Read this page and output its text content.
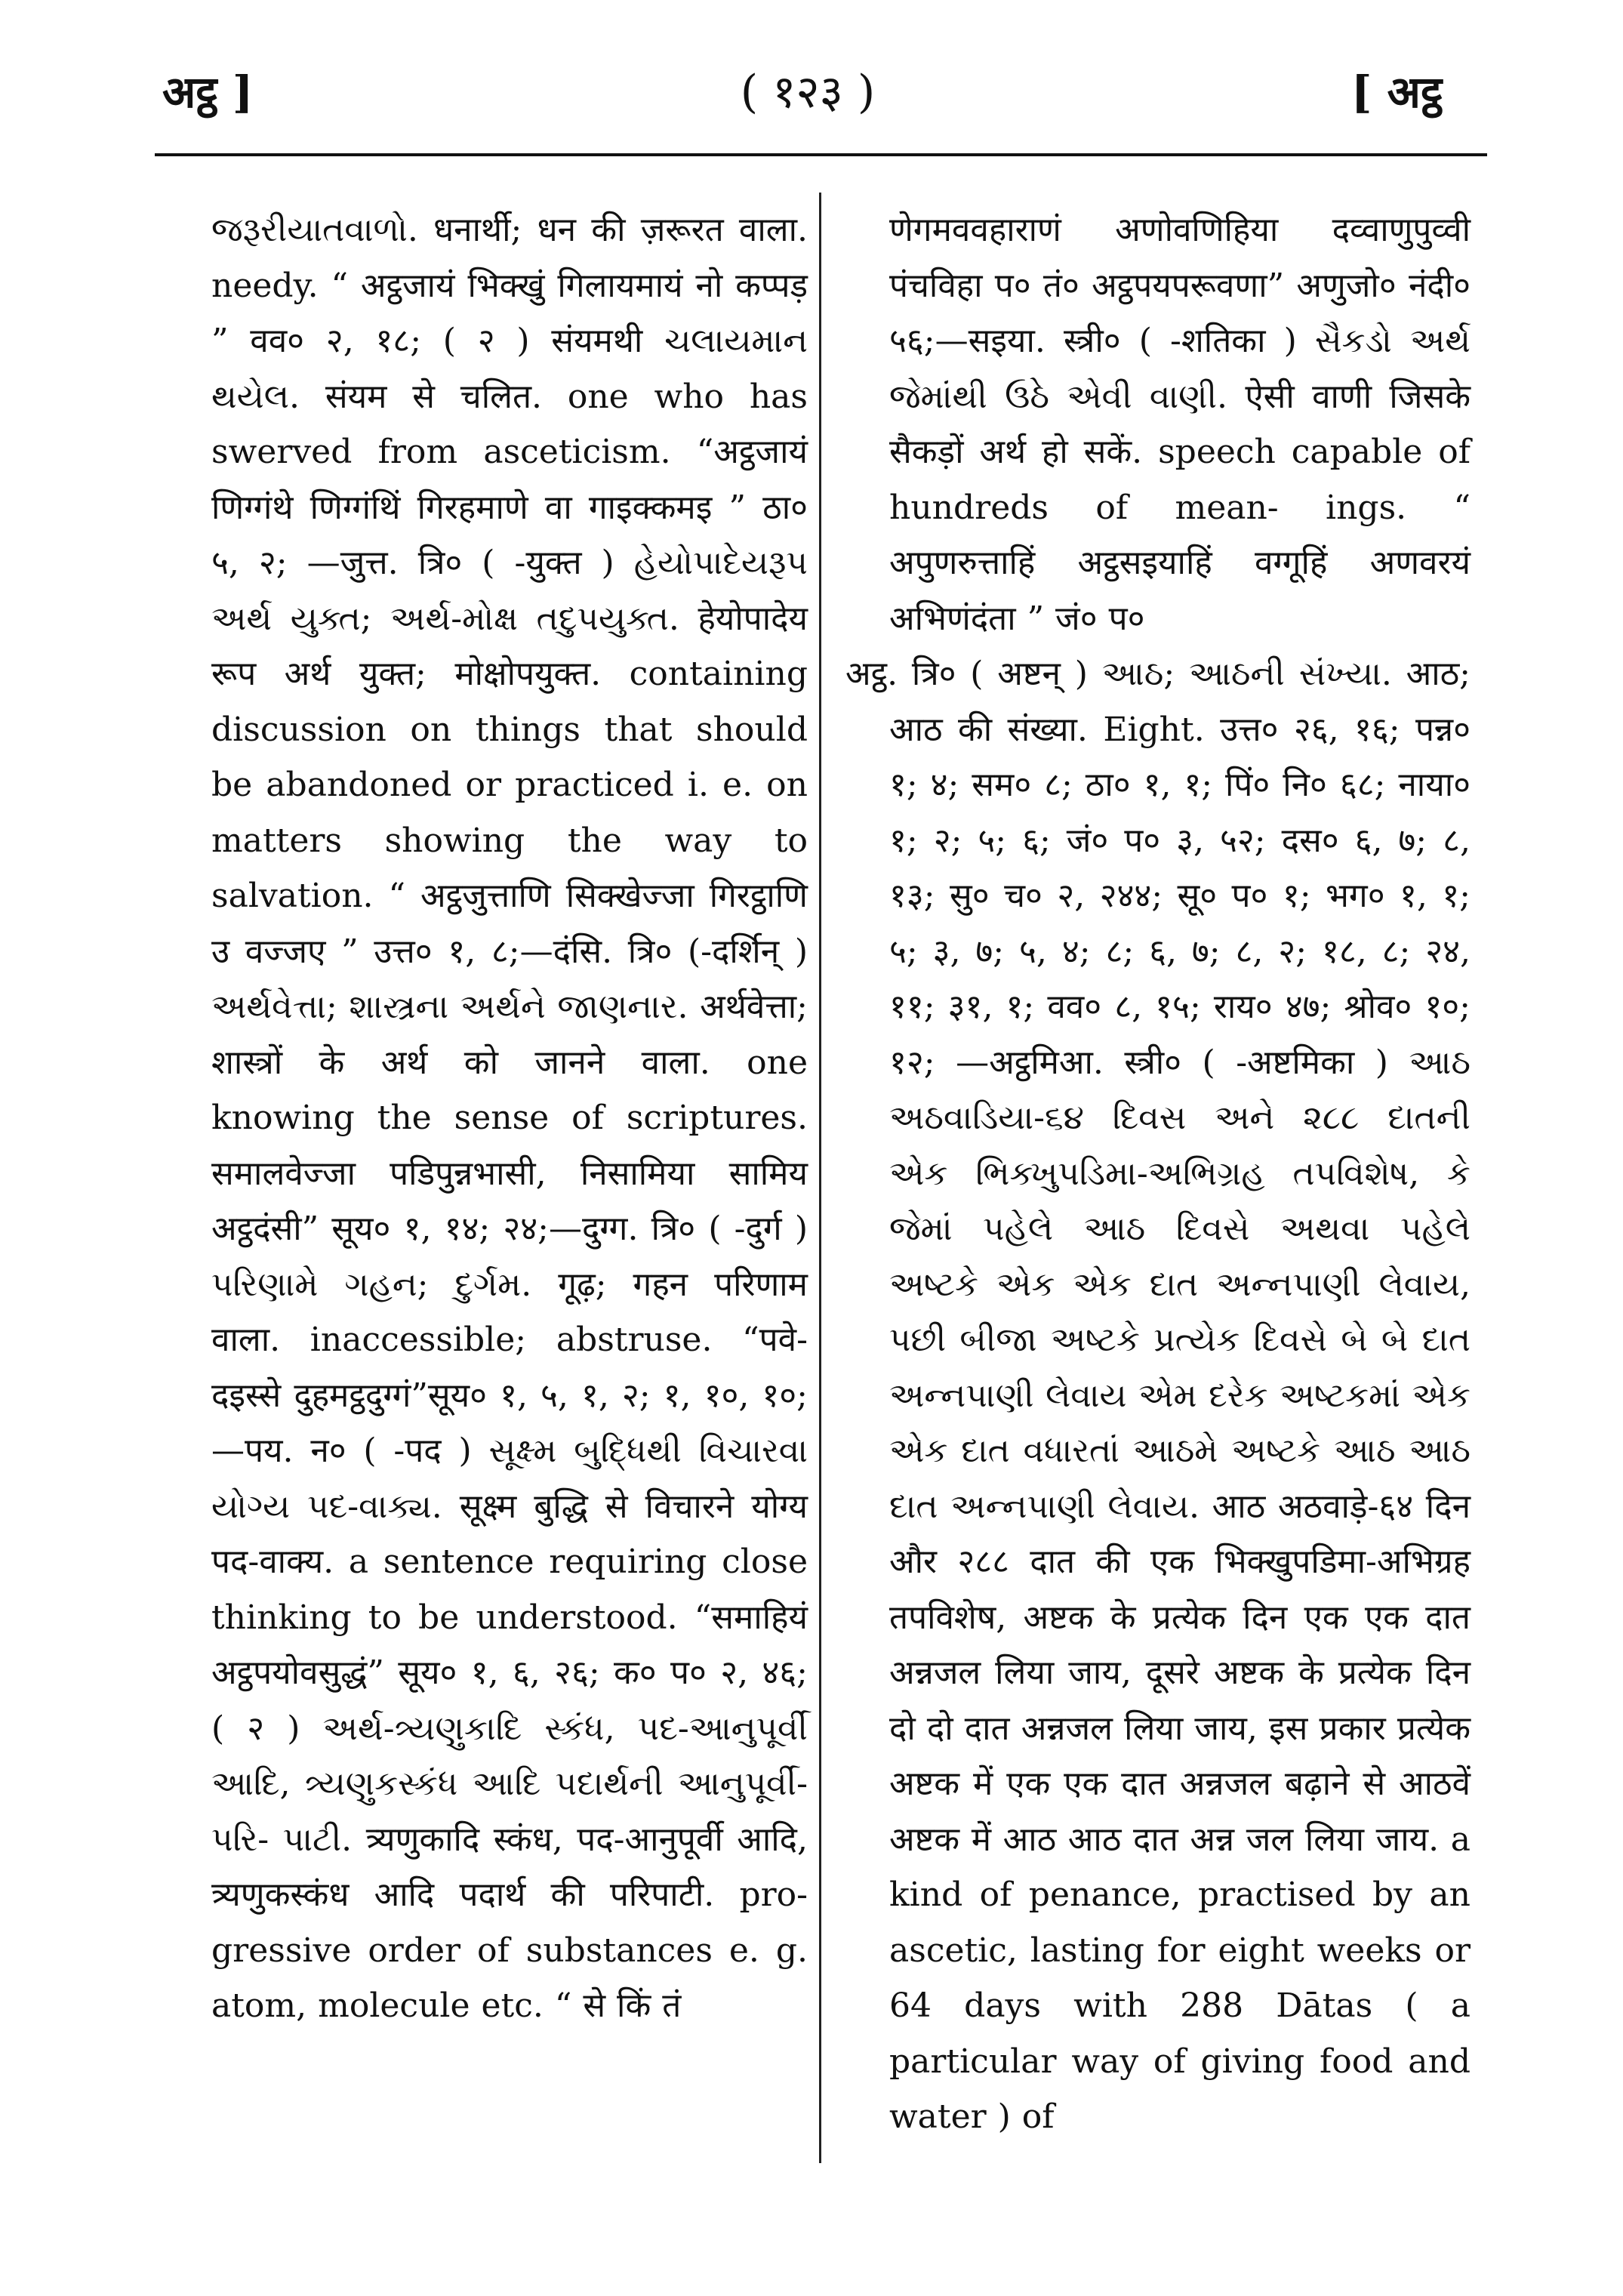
अट्ठ ]	( १२३ )	[ अट्ठ

જરૂરીયાતવાળો. धनार्थी; धन की ज़रूरत वाला. needy. “ अट्ठजायं भिक्खुं गिलायमायं नो कप्पड़ ” वव० २, १८; ( २ ) संयमथी ચલાયમાન થયેલ. संयम से चलित. one who has swerved from asceticism. “अट्ठजायं णिग्गंथे णिग्गंथिं गिरहमाणे वा गाइक्कमइ ” ठा० ५, २; —जुत्त. त्रि० ( -युक्त ) હેયોપાદેયરૂપ અર્થ યુક્ત; અર્થ-મોક્ષ તદુપયુક્ત. हेयोपादेय रूप अर्थ युक्त; मोक्षोपयुक्त. containing discussion on things that should be abandoned or practiced i. e. on matters showing the way to salvation. “ अट्ठजुत्ताणि सिक्खेज्जा गिरट्ठाणि उ वज्जए ” उत्त० १, ८;—दंसि. त्रि० (-दर्शिन् ) અર્થવેત્તા; શાસ્ત્રના અર્થને જાણનાર. अर्थवेत्ता; शास्त्रों के अर्थ को जानने वाला. one knowing the sense of scriptures. समालवेज्जा पडिपुन्नभासी, निसामिया सामिय अट्ठदंसी” सूय० १, १४; २४;—दुग्ग. त्रि० ( -दुर्ग ) પરિણામે ગહન; દુર્ગમ. गूढ़; गहन परिणाम वाला. inaccessible; abstruse. “पवे- दइस्से दुहमट्ठदुग्गं”सूय० १, ५, १, २; १, १०, १०;—पय. न० ( -पद ) સૂક્ષ્મ બુદ્ધિથી વિચારવા યોગ્ય પદ-વાક્ય. सूक्ष्म बुद्धि से विचारने योग्य पद-वाक्य. a sentence requiring close thinking to be understood. “समाहियं अट्ठपयोवसुद्धं” सूय० १, ६, २६; क० प० २, ४६; ( २ ) અર્થ-ત્ર્યણુકાદિ સ્કંધ, પદ-આનુપૂર્વી આદિ, ત્ર્યણુકસ્કંધ આદિ પદાર્થની આનુપૂર્વી-પરિ- પાટી. त्र्यणुकादि स्कंध, पद-आनुपूर्वी आदि, त्र्यणुकस्कंध आदि पदार्थ की परिपाटी. pro- gressive order of substances e. g. atom, molecule etc. “ से किं तं

णेगमववहाराणं अणोवणिहिया दव्वाणुपुव्वी पंचविहा प० तं० अट्ठपयपरूवणा” अणुजो० नंदी० ५६;—सइया. स्त्री० ( -शतिका ) સૈકડો અર્થ જેમાંથી ઉઠે એવી વાણી. ऐसी वाणी जिसके सैकड़ों अर्थ हो सकें. speech capable of hundreds of mean- ings. “ अपुणरुत्ताहिं अट्ठसइयाहिं वग्गूहिं अणवरयं अभिणंदंता ” जं० प०

अट्ठ. त्रि० ( अष्टन् ) આઠ; આઠની સંખ્યા. आठ; आठ की संख्या. Eight. उत्त० २६, १६; पन्न० १; ४; सम० ८; ठा० १, १; पिं० नि० ६८; नाया० १; २; ५; ६; जं० प० ३, ५२; दस० ६, ७; ८, १३; सु० च० २, २४४; सू० प० १; भग० १, १; ५; ३, ७; ५, ४; ८; ६, ७; ८, २; १८, ८; २४, ११; ३१, १; वव० ८, १५; राय० ४७; श्रोव० १०; १२; —अट्ठमिआ. स्त्री० ( -अष्टमिका ) આઠ અઠવાડિયા-૬૪ દિવસ અને ૨૮૮ દાતની એક ભિક્ખુપડિમા-અભિગ્રહ તપવિશેષ, કે જેમાં પહેલે આઠ દિવસે અથવા પહેલે અષ્ટકે એક એક દાત અન્નપાણી લેવાય, પછી બીજા અષ્ટકે પ્રત્યેક દિવસે બે બે દાત અન્નપાણી લેવાય એમ દરેક અષ્ટકમાં એક એક દાત વધારતાં આઠમે અષ્ટકે આઠ આઠ દાત અન્નપાણી લેવાય. आठ अठवाड़े-६४ दिन और २८८ दात की एक भिक्खुपडिमा-अभिग्रह तपविशेष, अष्टक के प्रत्येक दिन एक एक दात अन्नजल लिया जाय, दूसरे अष्टक के प्रत्येक दिन दो दो दात अन्नजल लिया जाय, इस प्रकार प्रत्येक अष्टक में एक एक दात अन्नजल बढ़ाने से आठवें अष्टक में आठ आठ दात अन्न जल लिया जाय. a kind of penance, practised by an ascetic, lasting for eight weeks or 64 days with 288 Dātas ( a particular way of giving food and water ) of
